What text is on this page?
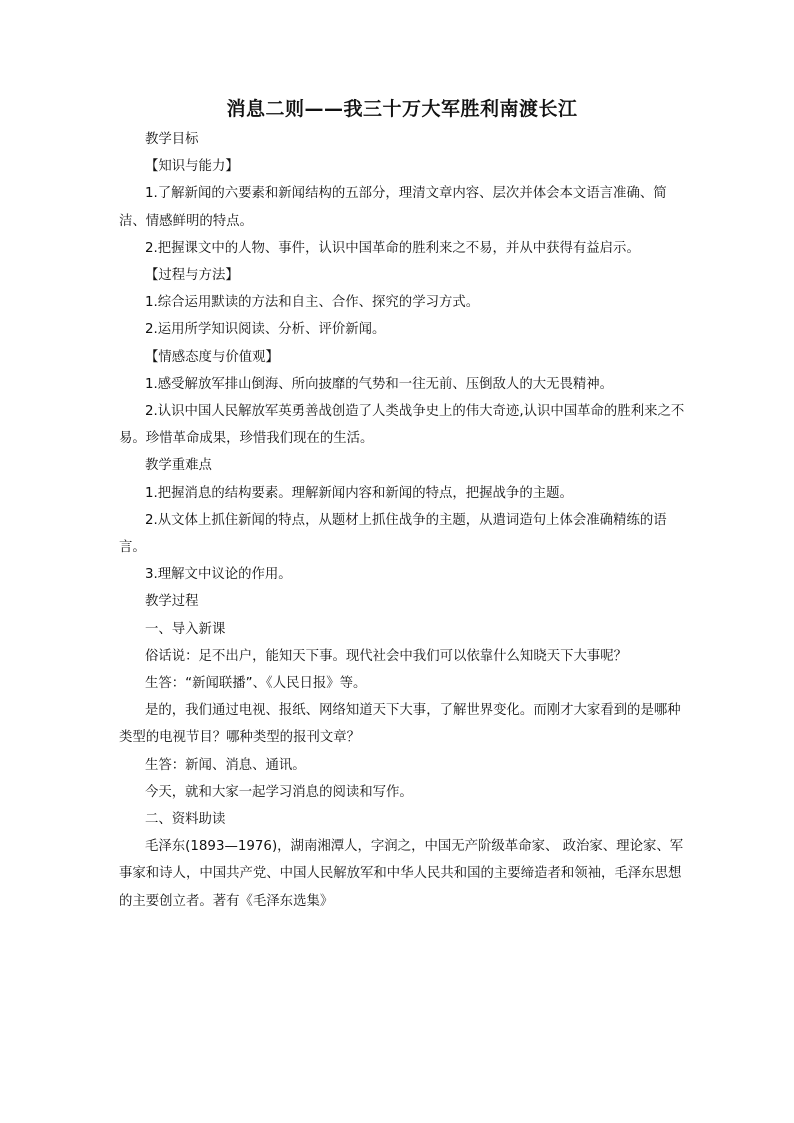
消息二则——我三十万大军胜利南渡长江
教学目标
【知识与能力】
1.了解新闻的六要素和新闻结构的五部分，理清文章内容、层次并体会本文语言准确、简洁、情感鲜明的特点。
2.把握课文中的人物、事件，认识中国革命的胜利来之不易，并从中获得有益启示。
【过程与方法】
1.综合运用默读的方法和自主、合作、探究的学习方式。
2.运用所学知识阅读、分析、评价新闻。
【情感态度与价值观】
1.感受解放军排山倒海、所向披靡的气势和一往无前、压倒敌人的大无畏精神。
2.认识中国人民解放军英勇善战创造了人类战争史上的伟大奇迹,认识中国革命的胜利来之不易。珍惜革命成果，珍惜我们现在的生活。
教学重难点
1.把握消息的结构要素。理解新闻内容和新闻的特点，把握战争的主题。
2.从文体上抓住新闻的特点，从题材上抓住战争的主题，从遣词造句上体会准确精练的语言。
3.理解文中议论的作用。
教学过程
一、导入新课
俗话说：足不出户，能知天下事。现代社会中我们可以依靠什么知晓天下大事呢？
生答：“新闻联播”、《人民日报》等。
是的，我们通过电视、报纸、网络知道天下大事，了解世界变化。而刚才大家看到的是哪种类型的电视节目？哪种类型的报刊文章？
生答：新闻、消息、通讯。
今天，就和大家一起学习消息的阅读和写作。
二、资料助读
毛泽东(1893—1976)，湖南湘潭人，字润之，中国无产阶级革命家、 政治家、理论家、军事家和诗人，中国共产党、中国人民解放军和中华人民共和国的主要缔造者和领袖，毛泽东思想的主要创立者。著有《毛泽东选集》
